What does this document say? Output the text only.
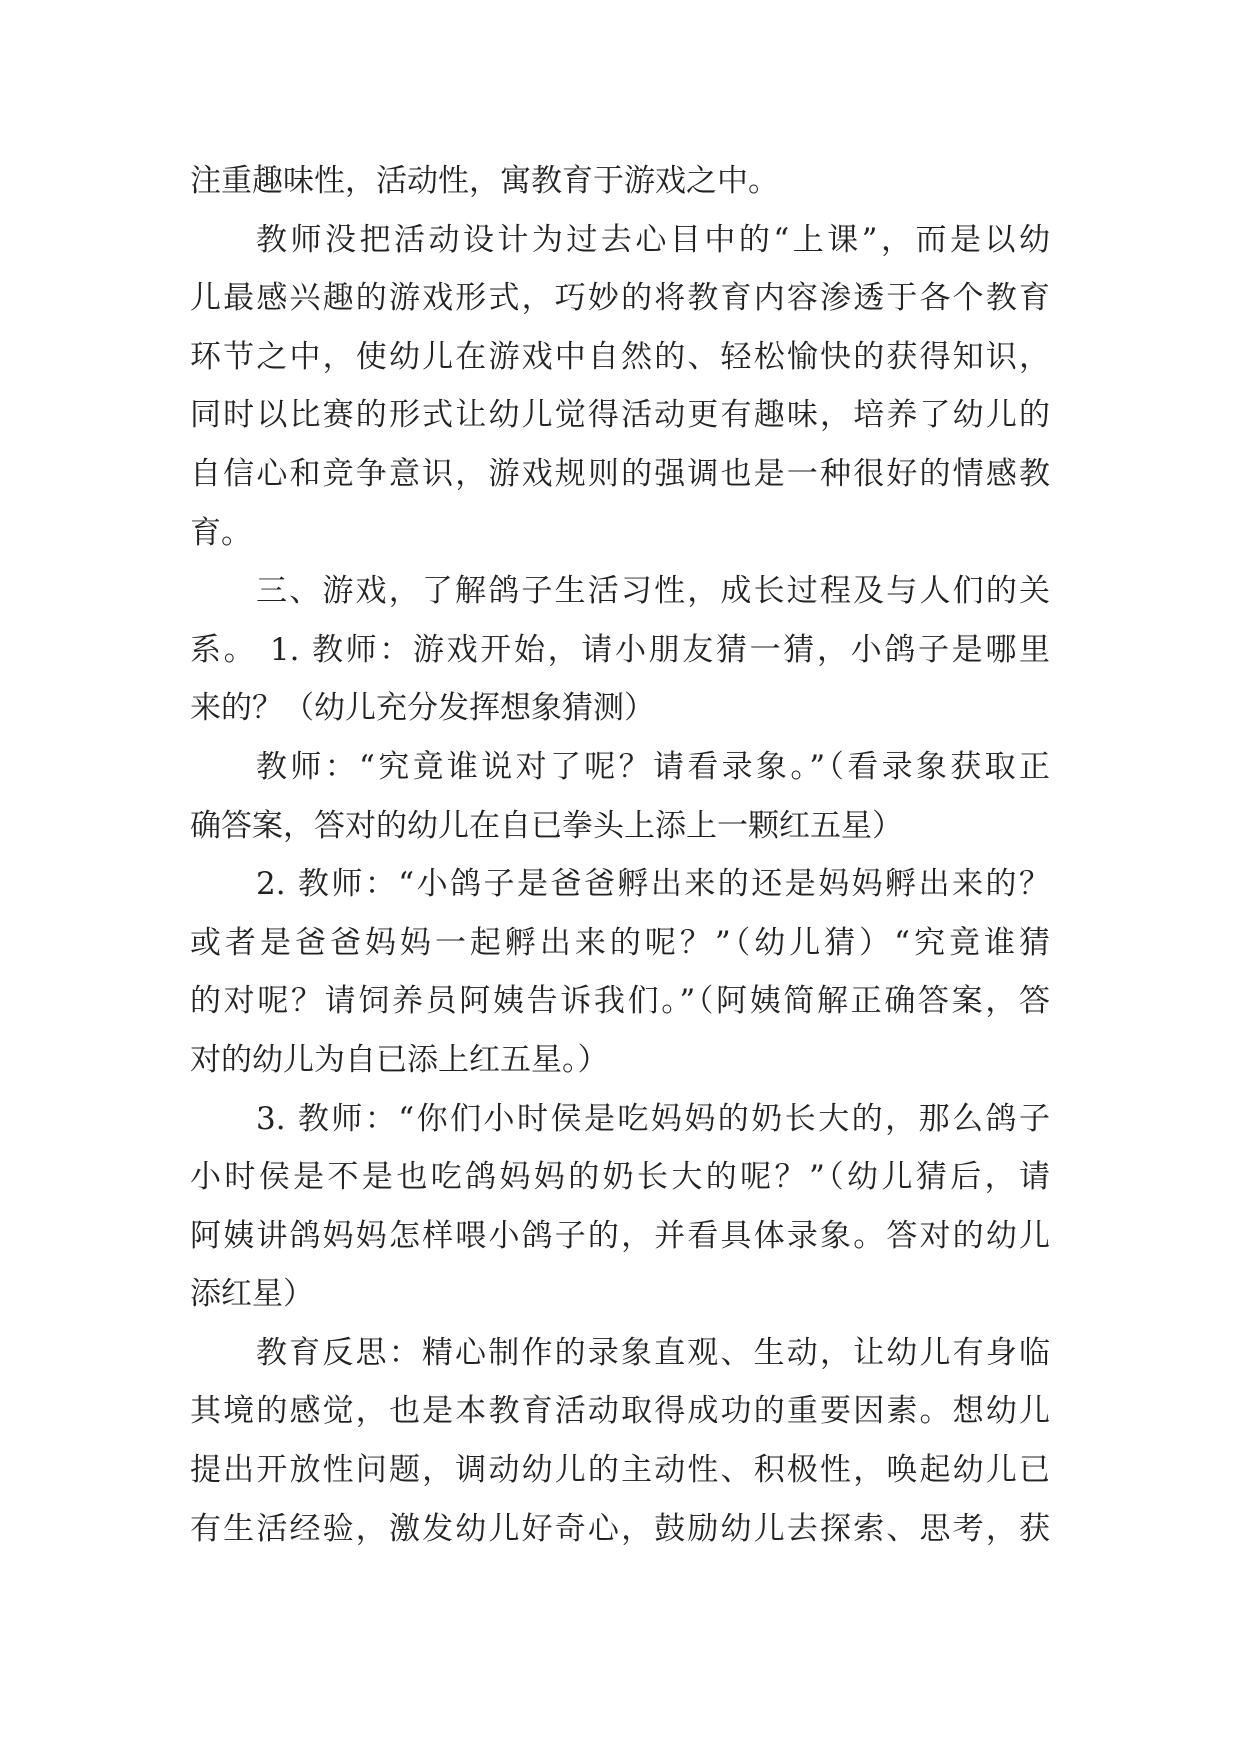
注重趣味性，活动性，寓教育于游戏之中。
教师没把活动设计为过去心目中的“上课”，而是以幼
儿最感兴趣的游戏形式，巧妙的将教育内容渗透于各个教育
环节之中，使幼儿在游戏中自然的、轻松愉快的获得知识，
同时以比赛的形式让幼儿觉得活动更有趣味，培养了幼儿的
自信心和竞争意识，游戏规则的强调也是一种很好的情感教
育。
三、游戏，了解鸽子生活习性，成长过程及与人们的关
系。 1. 教师：游戏开始，请小朋友猜一猜，小鸽子是哪里
来的？（幼儿充分发挥想象猜测）
教师：“究竟谁说对了呢？请看录象。”（看录象获取正
确答案，答对的幼儿在自已拳头上添上一颗红五星）
2. 教师：“小鸽子是爸爸孵出来的还是妈妈孵出来的？
或者是爸爸妈妈一起孵出来的呢？”（幼儿猜）“究竟谁猜
的对呢？请饲养员阿姨告诉我们。”（阿姨简解正确答案，答
对的幼儿为自已添上红五星。）
3. 教师：“你们小时侯是吃妈妈的奶长大的，那么鸽子
小时侯是不是也吃鸽妈妈的奶长大的呢？”（幼儿猜后，请
阿姨讲鸽妈妈怎样喂小鸽子的，并看具体录象。答对的幼儿
添红星）
教育反思：精心制作的录象直观、生动，让幼儿有身临
其境的感觉，也是本教育活动取得成功的重要因素。想幼儿
提出开放性问题，调动幼儿的主动性、积极性，唤起幼儿已
有生活经验，激发幼儿好奇心，鼓励幼儿去探索、思考，获
